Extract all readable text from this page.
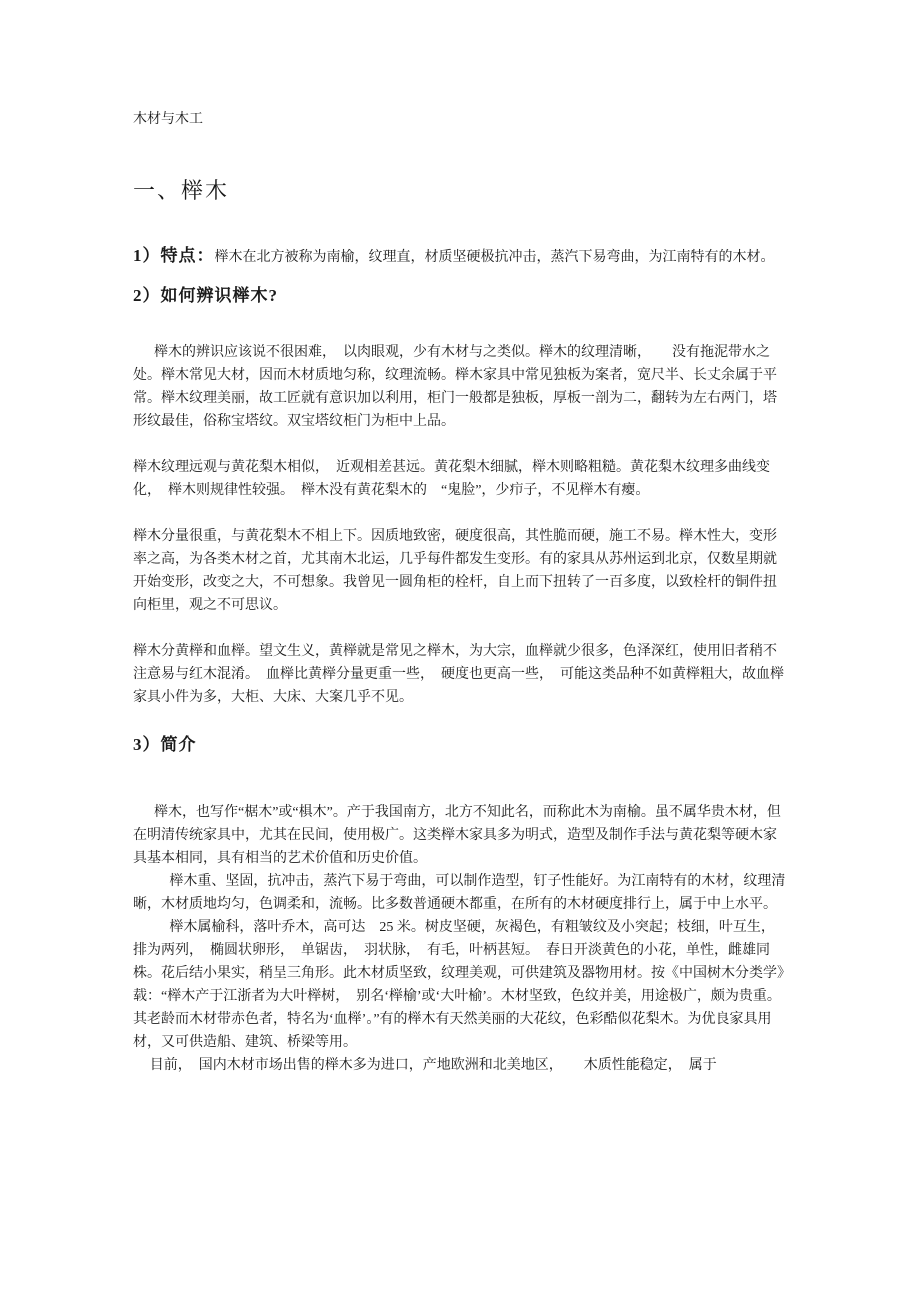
木材与木工
一、榉木

1）特点：榉木在北方被称为南榆，纹理直，材质坚硬极抗冲击，蒸汽下易弯曲，为江南特有的木材。

2）如何辨识榉木?

榉木的辨识应该说不很困难，　以肉眼观，少有木材与之类似。榉木的纹理清晰，　　没有拖泥带水之处。榉木常见大材，因而木材质地匀称，纹理流畅。榉木家具中常见独板为案者，宽尺半、长丈余属于平常。榉木纹理美丽，故工匠就有意识加以利用，柜门一般都是独板，厚板一剖为二，翻转为左右两门，塔形纹最佳，俗称宝塔纹。双宝塔纹柜门为柜中上品。

榉木纹理远观与黄花梨木相似，　近观相差甚远。黄花梨木细腻，榉木则略粗糙。黄花梨木纹理多曲线变化，　榉木则规律性较强。　榉木没有黄花梨木的　“鬼脸”，少疖子，不见榉木有瘿。

榉木分量很重，与黄花梨木不相上下。因质地致密，硬度很高，其性脆而硬，施工不易。榉木性大，变形率之高，为各类木材之首，尤其南木北运，几乎每件都发生变形。有的家具从苏州运到北京，仅数星期就开始变形，改变之大，不可想象。我曾见一圆角柜的栓杆，自上而下扭转了一百多度，以致栓杆的铜件扭向柜里，观之不可思议。

榉木分黄榉和血榉。望文生义，黄榉就是常见之榉木，为大宗，血榉就少很多，色泽深红，使用旧者稍不注意易与红木混淆。　血榉比黄榉分量更重一些，　硬度也更高一些，　可能这类品种不如黄榉粗大，故血榉家具小件为多，大柜、大床、大案几乎不见。

3）简介

榉木，也写作“椐木”或“椇木”。产于我国南方，北方不知此名，而称此木为南榆。虽不属华贵木材，但在明清传统家具中，尤其在民间，使用极广。这类榉木家具多为明式，造型及制作手法与黄花梨等硬木家具基本相同，具有相当的艺术价值和历史价值。

榉木重、坚固，抗冲击，蒸汽下易于弯曲，可以制作造型，钉子性能好。为江南特有的木材，纹理清晰，木材质地均匀，色调柔和，流畅。比多数普通硬木都重，在所有的木材硬度排行上，属于中上水平。

榉木属榆科，落叶乔木，高可达　25 米。树皮坚硬，灰褐色，有粗皱纹及小突起；枝细，叶互生，　排为两列，　椭圆状卵形，　单锯齿，　羽状脉，　有毛，叶柄甚短。　春日开淡黄色的小花，单性，雌雄同株。花后结小果实，稍呈三角形。此木材质坚致，纹理美观，可供建筑及器物用材。按《中国树木分类学》　载：“榉木产于江浙者为大叶榉树，　别名‘榉榆’或‘大叶榆’。木材坚致，色纹并美，用途极广，颇为贵重。其老龄而木材带赤色者，特名为‘血榉’。”有的榉木有天然美丽的大花纹，色彩酷似花梨木。为优良家具用材，又可供造船、建筑、桥梁等用。

目前，　国内木材市场出售的榉木多为进口，产地欧洲和北美地区，　　木质性能稳定，　属于
